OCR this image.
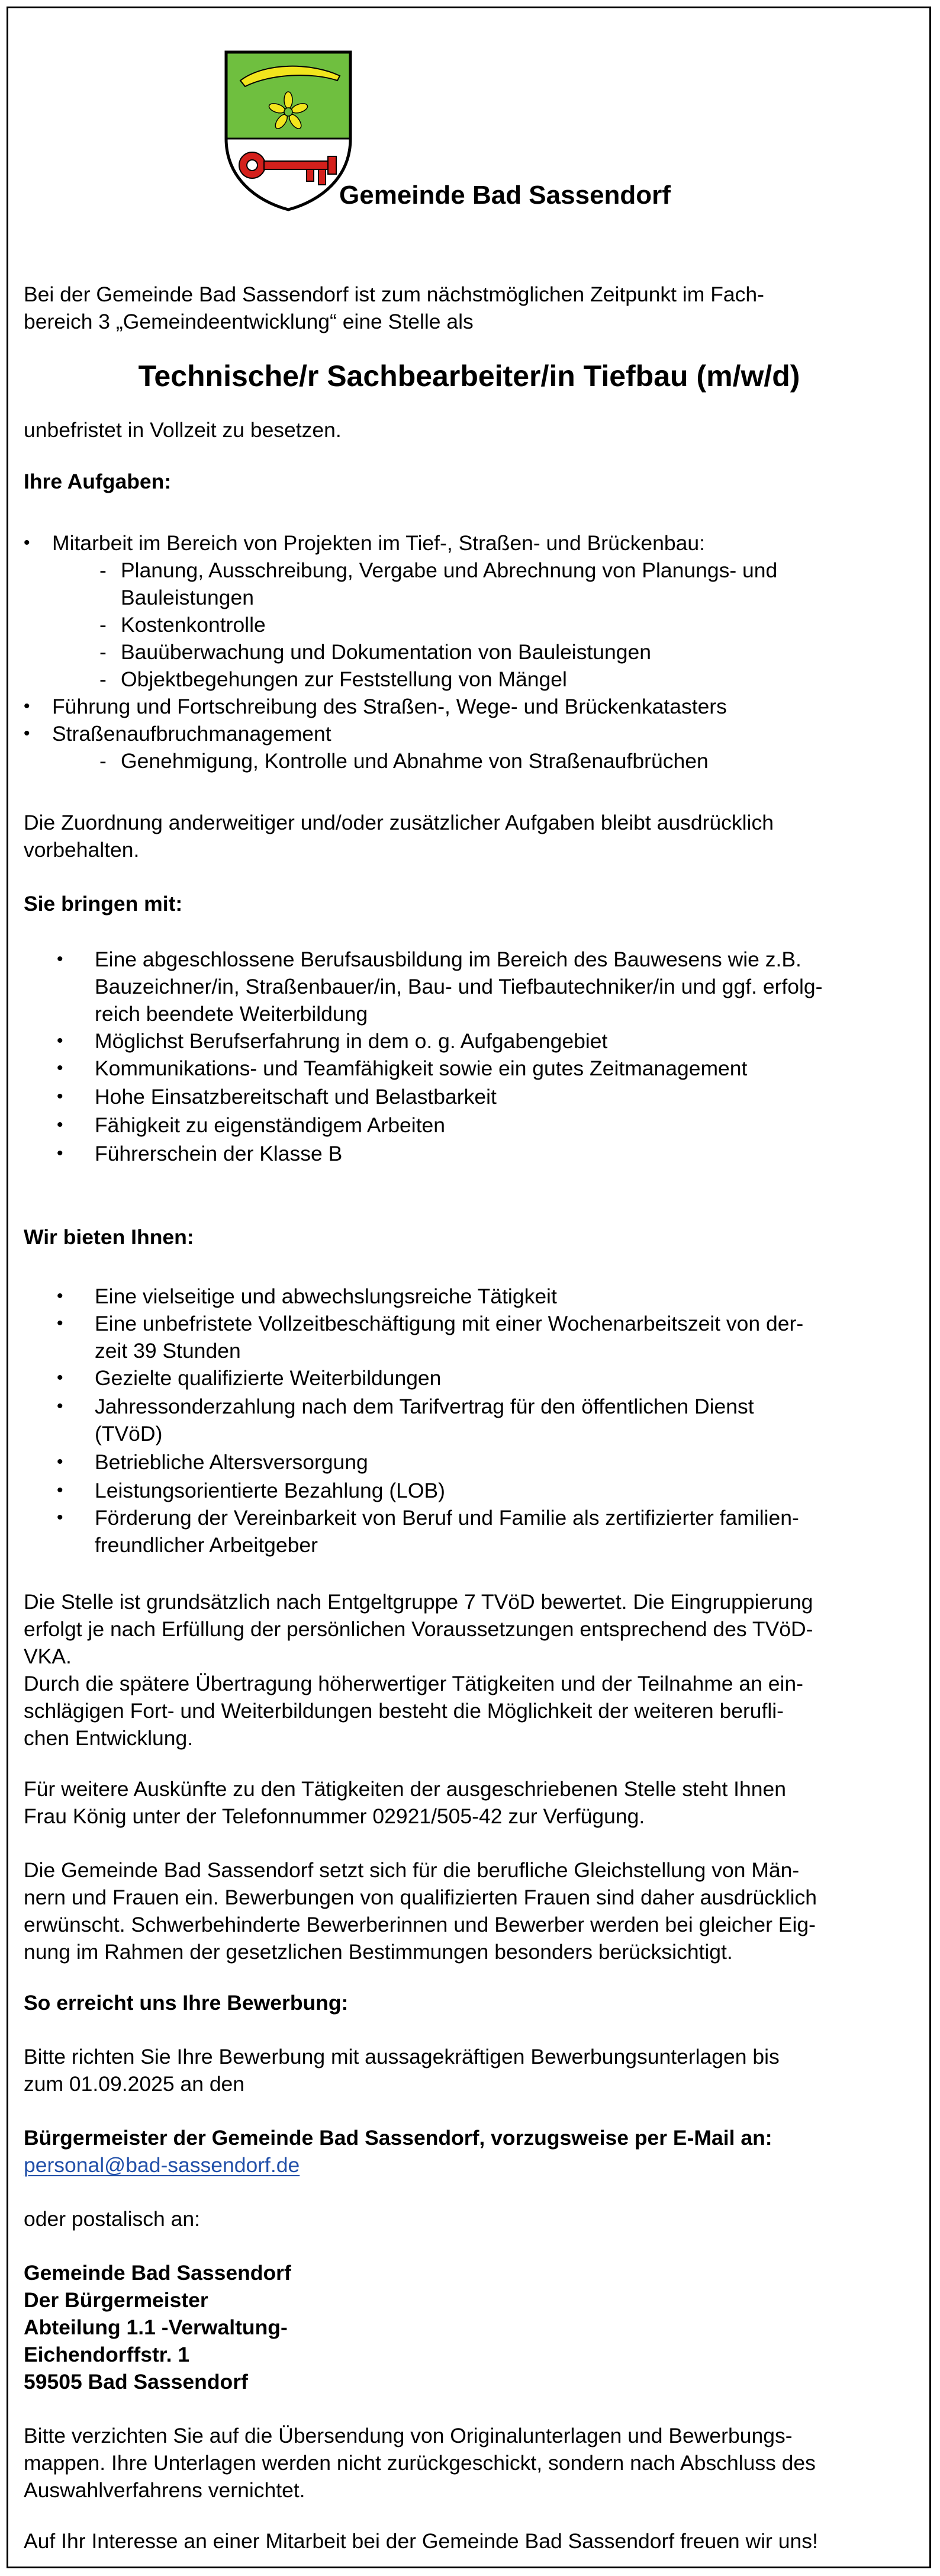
Gemeinde Bad Sassendorf
Bei der Gemeinde Bad Sassendorf ist zum nächstmöglichen Zeitpunkt im Fach-
bereich 3 „Gemeindeentwicklung“ eine Stelle als
Technische/r Sachbearbeiter/in Tiefbau (m/w/d)
unbefristet in Vollzeit zu besetzen.
Ihre Aufgaben:
• Mitarbeit im Bereich von Projekten im Tief-, Straßen- und Brückenbau:
- Planung, Ausschreibung, Vergabe und Abrechnung von Planungs- und
Bauleistungen
- Kostenkontrolle
- Bauüberwachung und Dokumentation von Bauleistungen
- Objektbegehungen zur Feststellung von Mängel
• Führung und Fortschreibung des Straßen-, Wege- und Brückenkatasters
• Straßenaufbruchmanagement
- Genehmigung, Kontrolle und Abnahme von Straßenaufbrüchen
Die Zuordnung anderweitiger und/oder zusätzlicher Aufgaben bleibt ausdrücklich
vorbehalten.
Sie bringen mit:
• Eine abgeschlossene Berufsausbildung im Bereich des Bauwesens wie z.B.
Bauzeichner/in, Straßenbauer/in, Bau- und Tiefbautechniker/in und ggf. erfolg-
reich beendete Weiterbildung
• Möglichst Berufserfahrung in dem o. g. Aufgabengebiet
• Kommunikations- und Teamfähigkeit sowie ein gutes Zeitmanagement
• Hohe Einsatzbereitschaft und Belastbarkeit
• Fähigkeit zu eigenständigem Arbeiten
• Führerschein der Klasse B
Wir bieten Ihnen:
• Eine vielseitige und abwechslungsreiche Tätigkeit
• Eine unbefristete Vollzeitbeschäftigung mit einer Wochenarbeitszeit von der-
zeit 39 Stunden
• Gezielte qualifizierte Weiterbildungen
• Jahressonderzahlung nach dem Tarifvertrag für den öffentlichen Dienst
(TVöD)
• Betriebliche Altersversorgung
• Leistungsorientierte Bezahlung (LOB)
• Förderung der Vereinbarkeit von Beruf und Familie als zertifizierter familien-
freundlicher Arbeitgeber
Die Stelle ist grundsätzlich nach Entgeltgruppe 7 TVöD bewertet. Die Eingruppierung
erfolgt je nach Erfüllung der persönlichen Voraussetzungen entsprechend des TVöD-
VKA.
Durch die spätere Übertragung höherwertiger Tätigkeiten und der Teilnahme an ein-
schlägigen Fort- und Weiterbildungen besteht die Möglichkeit der weiteren berufli-
chen Entwicklung.
Für weitere Auskünfte zu den Tätigkeiten der ausgeschriebenen Stelle steht Ihnen
Frau König unter der Telefonnummer 02921/505-42 zur Verfügung.
Die Gemeinde Bad Sassendorf setzt sich für die berufliche Gleichstellung von Män-
nern und Frauen ein. Bewerbungen von qualifizierten Frauen sind daher ausdrücklich
erwünscht. Schwerbehinderte Bewerberinnen und Bewerber werden bei gleicher Eig-
nung im Rahmen der gesetzlichen Bestimmungen besonders berücksichtigt.
So erreicht uns Ihre Bewerbung:
Bitte richten Sie Ihre Bewerbung mit aussagekräftigen Bewerbungsunterlagen bis
zum 01.09.2025 an den
Bürgermeister der Gemeinde Bad Sassendorf, vorzugsweise per E-Mail an:
personal@bad-sassendorf.de
oder postalisch an:
Gemeinde Bad Sassendorf
Der Bürgermeister
Abteilung 1.1 -Verwaltung-
Eichendorffstr. 1
59505 Bad Sassendorf
Bitte verzichten Sie auf die Übersendung von Originalunterlagen und Bewerbungs-
mappen. Ihre Unterlagen werden nicht zurückgeschickt, sondern nach Abschluss des
Auswahlverfahrens vernichtet.
Auf Ihr Interesse an einer Mitarbeit bei der Gemeinde Bad Sassendorf freuen wir uns!
